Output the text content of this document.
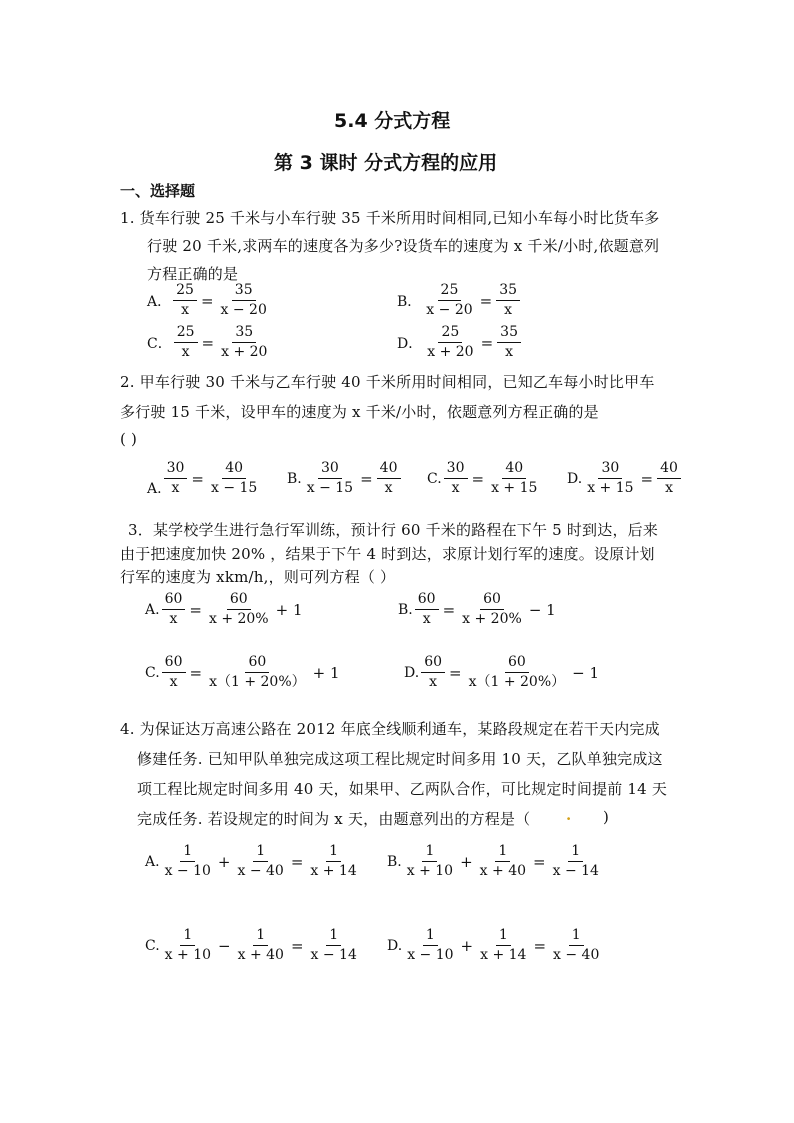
5.4 分式方程
第 3 课时 分式方程的应用
一、选择题
1. 货车行驶 25 千米与小车行驶 35 千米所用时间相同,已知小车每小时比货车多
行驶 20 千米,求两车的速度各为多少?设货车的速度为 x 千米/小时,依题意列
方程正确的是
A． $\frac{25}{x} = \frac{35}{x - 20}$	B． $\frac{25}{x - 20} = \frac{35}{x}$
C． $\frac{25}{x} = \frac{35}{x + 20}$	D． $\frac{25}{x + 20} = \frac{35}{x}$
2. 甲车行驶 30 千米与乙车行驶 40 千米所用时间相同，已知乙车每小时比甲车
多行驶 15 千米，设甲车的速度为 x 千米/小时，依题意列方程正确的是
( )
A. $\frac{30}{x} = \frac{40}{x - 15} B$. $\frac{30}{x - 15} = \frac{40}{x} C$. $\frac{30}{x} = \frac{40}{x + 15} D$. $\frac{30}{x + 15} = \frac{40}{x}$
3．某学校学生进行急行军训练，预计行 60 千米的路程在下午 5 时到达，后来
由于把速度加快 20% ，结果于下午 4 时到达，求原计划行军的速度。设原计划
行军的速度为 xkm/h,，则可列方程（ ）
A. $\frac{60}{x} = \frac{60}{x + 20\%} + 1$	B. $\frac{60}{x} = \frac{60}{x + 20\%} - 1$
C. $\frac{60}{x} = \frac{60}{x(1 + 20\%)} + 1$	D. $\frac{60}{x} = \frac{60}{x(1 + 20\%)} - 1$
4. 为保证达万高速公路在 2012 年底全线顺利通车，某路段规定在若干天内完成
修建任务. 已知甲队单独完成这项工程比规定时间多用 10 天，乙队单独完成这
项工程比规定时间多用 40 天，如果甲、乙两队合作，可比规定时间提前 14 天
完成任务. 若设规定的时间为 x 天，由题意列出的方程是（ . )
A. $\frac{1}{x - 10} + \frac{1}{x - 40} = \frac{1}{x + 14} B$. $\frac{1}{x + 10} + \frac{1}{x + 40} = \frac{1}{x - 14}$
C. $\frac{1}{x + 10} - \frac{1}{x + 40} = \frac{1}{x - 14} D$. $\frac{1}{x - 10} + \frac{1}{x + 14} = \frac{1}{x - 40}$
